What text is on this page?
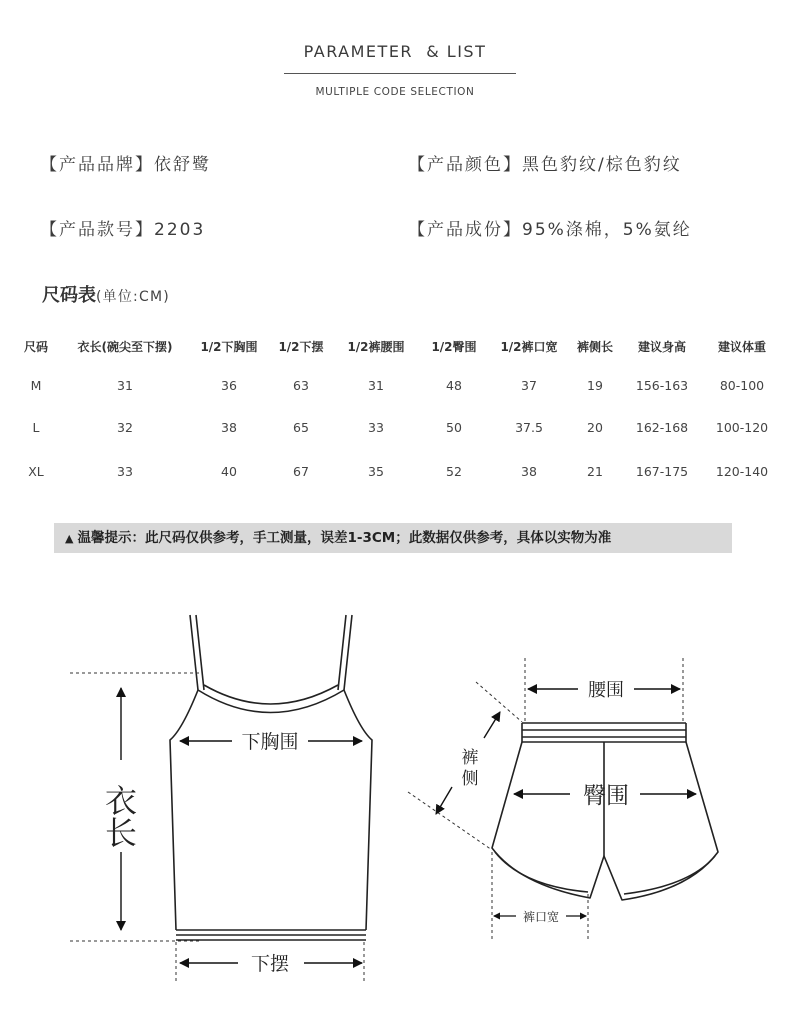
PARAMETER  & LIST
MULTIPLE CODE SELECTION
【产品品牌】依舒鹭	【产品颜色】黑色豹纹/棕色豹纹
【产品款号】2203	【产品成份】95%涤棉，5%氨纶
尺码表(单位:CM)
尺码	衣长(碗尖至下摆)	1/2下胸围	1/2下摆	1/2裤腰围	1/2臀围	1/2裤口宽	裤侧长	建议身高	建议体重
M	31	36	63	31	48	37	19	156-163	80-100
L	32	38	65	33	50	37.5	20	162-168	100-120
XL	33	40	67	35	52	38	21	167-175	120-140
▲ 温馨提示：此尺码仅供参考，手工测量，误差1-3CM；此数据仅供参考，具体以实物为准
衣
长
下胸围
下摆
腰围
臀围
裤
侧
裤口宽
